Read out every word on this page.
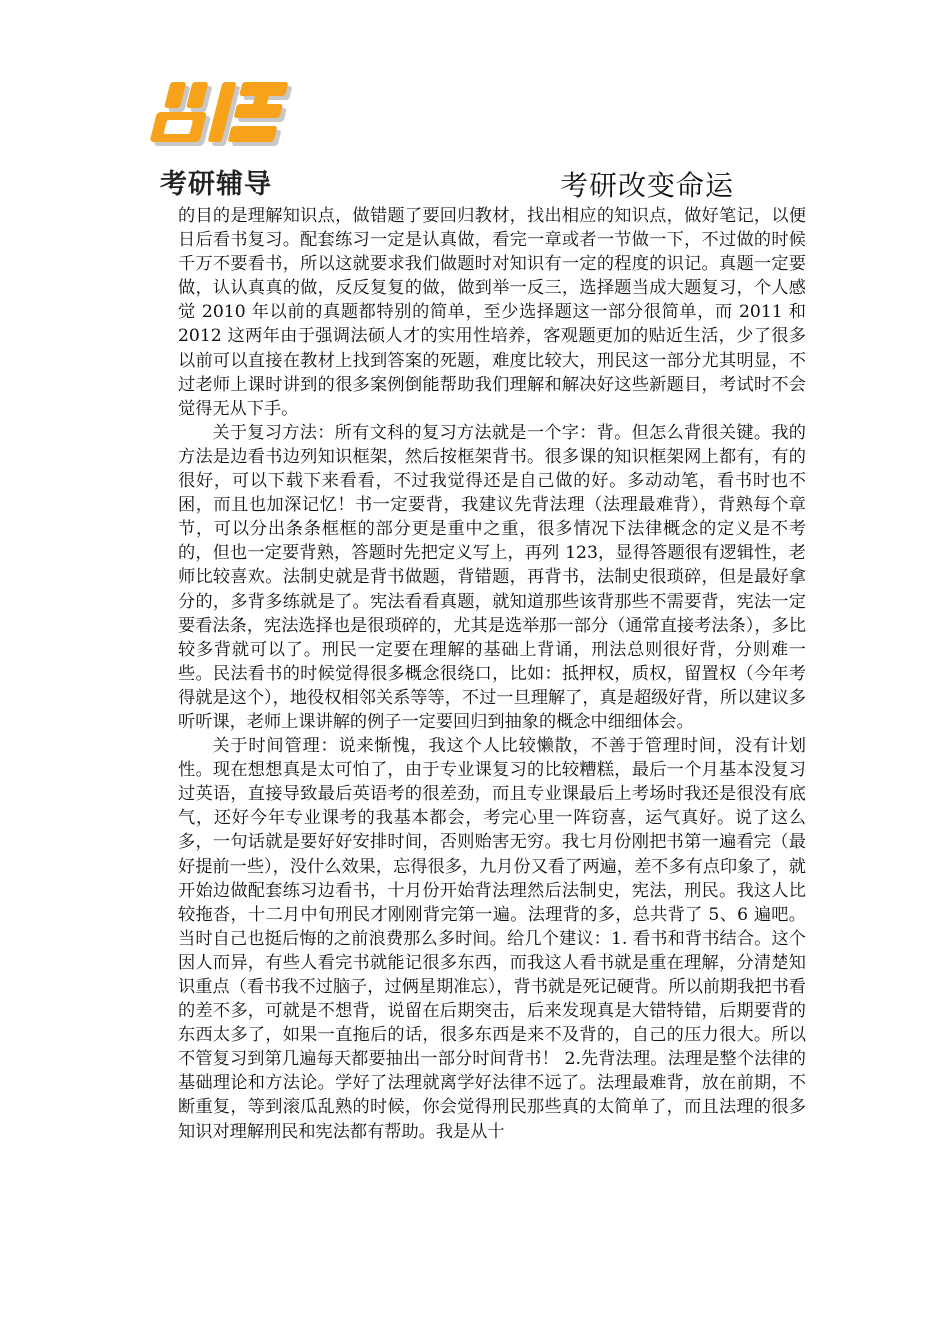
考研辅导	考研改变命运

的目的是理解知识点，做错题了要回归教材，找出相应的知识点，做好笔记，以便日后看书复习。配套练习一定是认真做，看完一章或者一节做一下，不过做的时候千万不要看书，所以这就要求我们做题时对知识有一定的程度的识记。真题一定要做，认认真真的做，反反复复的做，做到举一反三，选择题当成大题复习，个人感觉 2010 年以前的真题都特别的简单，至少选择题这一部分很简单，而 2011 和 2012 这两年由于强调法硕人才的实用性培养，客观题更加的贴近生活，少了很多以前可以直接在教材上找到答案的死题，难度比较大，刑民这一部分尤其明显，不过老师上课时讲到的很多案例倒能帮助我们理解和解决好这些新题目，考试时不会觉得无从下手。

关于复习方法：所有文科的复习方法就是一个字：背。但怎么背很关键。我的方法是边看书边列知识框架，然后按框架背书。很多课的知识框架网上都有，有的很好，可以下载下来看看，不过我觉得还是自己做的好。多动动笔，看书时也不困，而且也加深记忆！书一定要背，我建议先背法理（法理最难背），背熟每个章节，可以分出条条框框的部分更是重中之重，很多情况下法律概念的定义是不考的，但也一定要背熟，答题时先把定义写上，再列 123，显得答题很有逻辑性，老师比较喜欢。法制史就是背书做题，背错题，再背书，法制史很琐碎，但是最好拿分的，多背多练就是了。宪法看看真题，就知道那些该背那些不需要背，宪法一定要看法条，宪法选择也是很琐碎的，尤其是选举那一部分（通常直接考法条），多比较多背就可以了。刑民一定要在理解的基础上背诵，刑法总则很好背，分则难一些。民法看书的时候觉得很多概念很绕口，比如：抵押权，质权，留置权（今年考得就是这个），地役权相邻关系等等，不过一旦理解了，真是超级好背，所以建议多听听课，老师上课讲解的例子一定要回归到抽象的概念中细细体会。

关于时间管理：说来惭愧，我这个人比较懒散，不善于管理时间，没有计划性。现在想想真是太可怕了，由于专业课复习的比较糟糕，最后一个月基本没复习过英语，直接导致最后英语考的很差劲，而且专业课最后上考场时我还是很没有底气，还好今年专业课考的我基本都会，考完心里一阵窃喜，运气真好。说了这么多，一句话就是要好好安排时间，否则贻害无穷。我七月份刚把书第一遍看完（最好提前一些），没什么效果，忘得很多，九月份又看了两遍，差不多有点印象了，就开始边做配套练习边看书，十月份开始背法理然后法制史，宪法，刑民。我这人比较拖沓，十二月中旬刑民才刚刚背完第一遍。法理背的多，总共背了 5、6 遍吧。当时自己也挺后悔的之前浪费那么多时间。给几个建议：1. 看书和背书结合。这个因人而异，有些人看完书就能记很多东西，而我这人看书就是重在理解，分清楚知识重点（看书我不过脑子，过俩星期准忘），背书就是死记硬背。所以前期我把书看的差不多，可就是不想背，说留在后期突击，后来发现真是大错特错，后期要背的东西太多了，如果一直拖后的话，很多东西是来不及背的，自己的压力很大。所以不管复习到第几遍每天都要抽出一部分时间背书！ 2.先背法理。法理是整个法律的基础理论和方法论。学好了法理就离学好法律不远了。法理最难背，放在前期，不断重复，等到滚瓜乱熟的时候，你会觉得刑民那些真的太简单了，而且法理的很多知识对理解刑民和宪法都有帮助。我是从十
